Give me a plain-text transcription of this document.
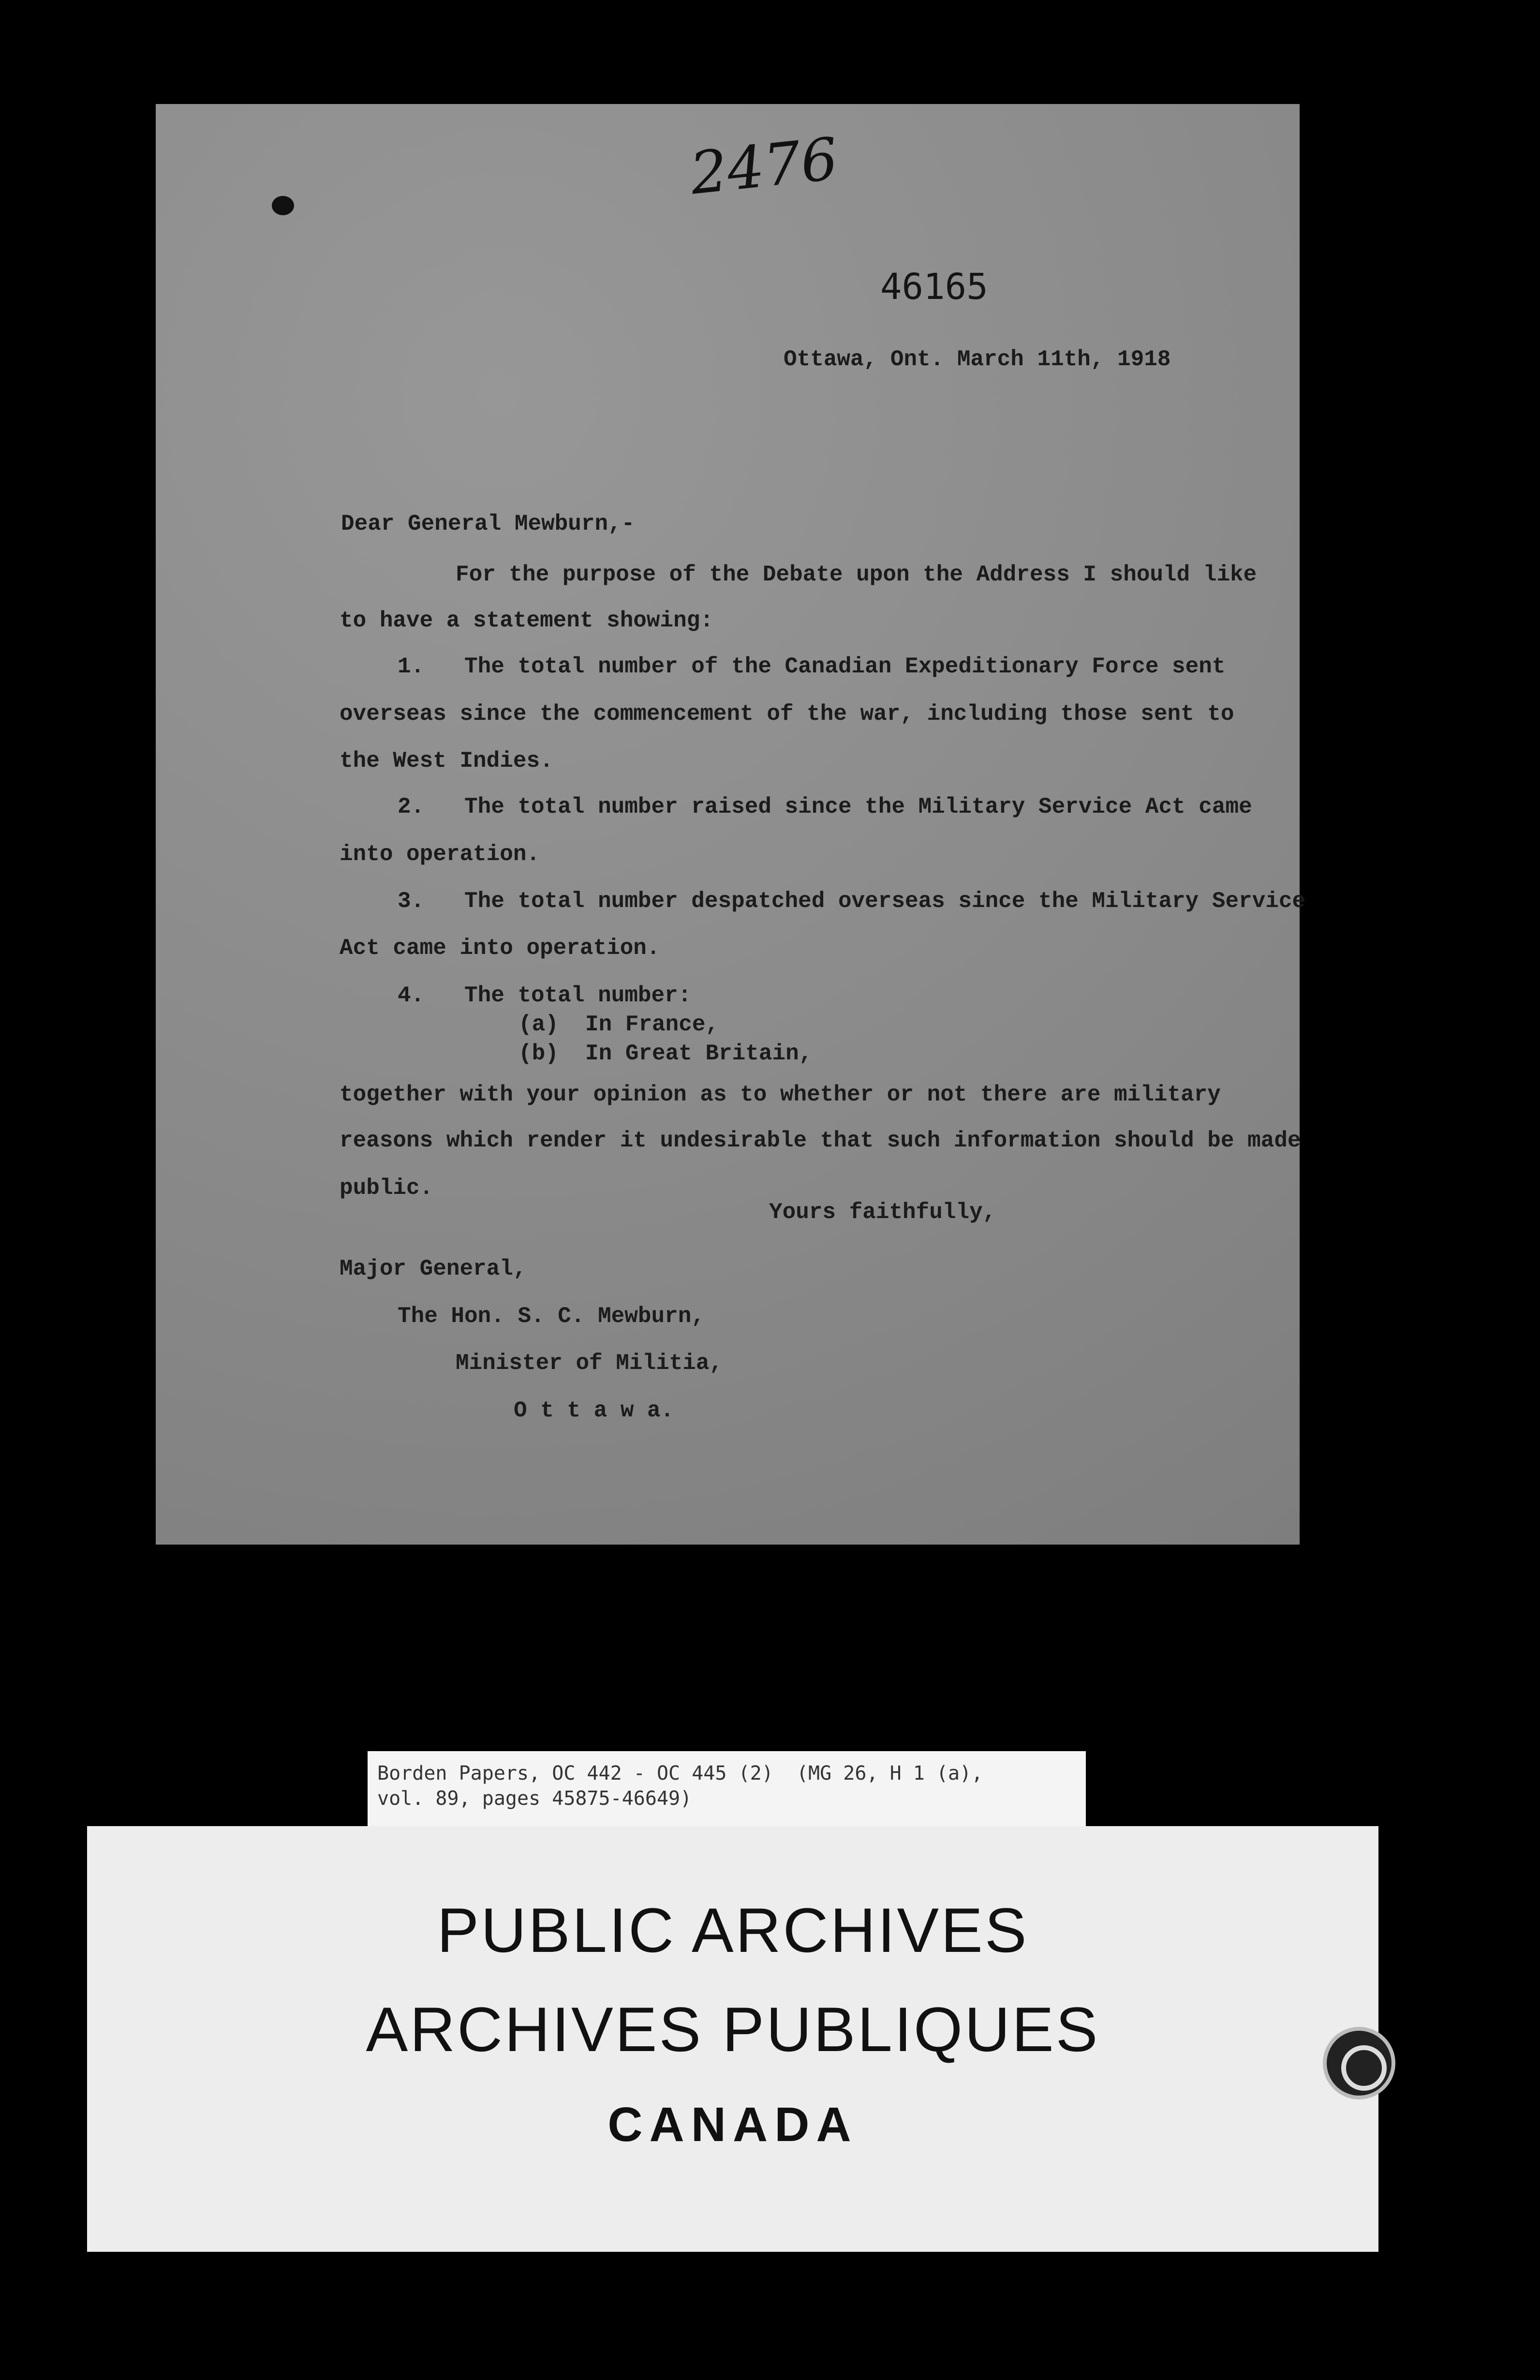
2476
46165
Ottawa, Ont. March 11th, 1918
Dear General Mewburn,-
For the purpose of the Debate upon the Address I should like
to have a statement showing:
1.   The total number of the Canadian Expeditionary Force sent
overseas since the commencement of the war, including those sent to
the West Indies.
2.   The total number raised since the Military Service Act came
into operation.
3.   The total number despatched overseas since the Military Service
Act came into operation.
4.   The total number:
(a)  In France,
(b)  In Great Britain,
together with your opinion as to whether or not there are military
reasons which render it undesirable that such information should be made
public.
Yours faithfully,
Major General,
The Hon. S. C. Mewburn,
Minister of Militia,
O t t a w a.
Borden Papers, OC 442 - OC 445 (2)  (MG 26, H 1 (a),
vol. 89, pages 45875-46649)
PUBLIC ARCHIVES
ARCHIVES PUBLIQUES
CANADA
